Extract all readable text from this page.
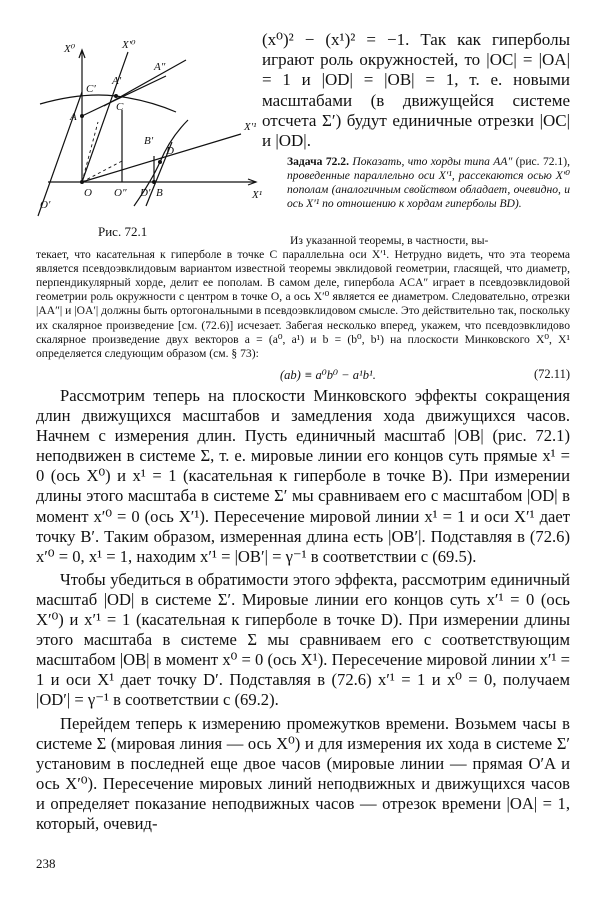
X⁰	X′⁰
X′¹
X¹
A″
A′
C′
A
C
B′
D
O O″ D′ B
O′
Рис. 72.1
(x⁰)² − (x¹)² = −1. Так как гиперболы играют роль окружностей, то |OC| = |OA| = 1 и |OD| = |OB| = 1, т. е. новыми масштабами (в движущейся системе отсчета Σ′) будут единичные отрезки |OC| и |OD|.
Задача 72.2. Показать, что хорды типа AA″ (рис. 72.1), проведенные параллельно оси X′¹, рассекаются осью X′⁰ пополам (аналогичным свойством обладает, очевидно, и ось X′¹ по отношению к хордам гиперболы BD).
Из указанной теоремы, в частности, вы-
текает, что касательная к гиперболе в точке C параллельна оси X′¹. Нетрудно видеть, что эта теорема является псевдоэвклидовым вариантом известной теоремы эвклидовой геометрии, гласящей, что диаметр, перпендикулярный хорде, делит ее пополам. В самом деле, гипербола ACA″ играет в псевдоэвклидовой геометрии роль окружности с центром в точке O, а ось X′⁰ является ее диаметром. Следовательно, отрезки |AA″| и |OA′| должны быть ортогональными в псевдоэвклидовом смысле. Это действительно так, поскольку их скалярное произведение [см. (72.6)] исчезает. Забегая несколько вперед, укажем, что псевдоэвклидово скалярное произведение двух векторов a = (a⁰, a¹) и b = (b⁰, b¹) на плоскости Минковского X⁰, X¹ определяется следующим образом (см. § 73):
(ab) ≡ a⁰b⁰ − a¹b¹.	(72.11)

Рассмотрим теперь на плоскости Минковского эффекты сокращения длин движущихся масштабов и замедления хода движущихся часов. Начнем с измерения длин. Пусть единичный масштаб |OB| (рис. 72.1) неподвижен в системе Σ, т. е. мировые линии его концов суть прямые x¹ = 0 (ось X⁰) и x¹ = 1 (касательная к гиперболе в точке B). При измерении длины этого масштаба в системе Σ′ мы сравниваем его с масштабом |OD| в момент x′⁰ = 0 (ось X′¹). Пересечение мировой линии x¹ = 1 и оси X′¹ дает точку B′. Таким образом, измеренная длина есть |OB′|. Подставляя в (72.6) x′⁰ = 0, x¹ = 1, находим x′¹ = |OB′| = γ⁻¹ в соответствии с (69.5).

Чтобы убедиться в обратимости этого эффекта, рассмотрим единичный масштаб |OD| в системе Σ′. Мировые линии его концов суть x′¹ = 0 (ось X′⁰) и x′¹ = 1 (касательная к гиперболе в точке D). При измерении длины этого масштаба в системе Σ мы сравниваем его с соответствующим масштабом |OB| в момент x⁰ = 0 (ось X¹). Пересечение мировой линии x′¹ = 1 и оси X¹ дает точку D′. Подставляя в (72.6) x′¹ = 1 и x⁰ = 0, получаем |OD′| = γ⁻¹ в соответствии с (69.2).

Перейдем теперь к измерению промежутков времени. Возьмем часы в системе Σ (мировая линия — ось X⁰) и для измерения их хода в системе Σ′ установим в последней еще двое часов (мировые линии — прямая O′A и ось X′⁰). Пересечение мировых линий неподвижных и движущихся часов и определяет показание неподвижных часов — отрезок времени |OA| = 1, который, очевид-

238
